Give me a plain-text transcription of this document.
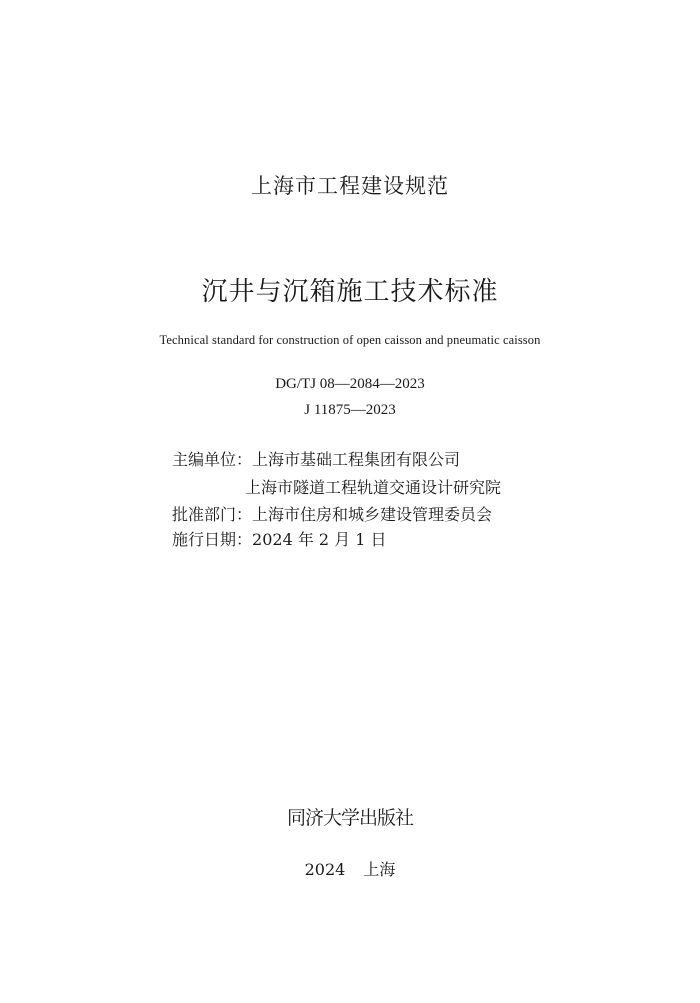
上海市工程建设规范
沉井与沉箱施工技术标准
Technical standard for construction of open caisson and pneumatic caisson
DG/TJ 08—2084—2023
J 11875—2023
主编单位：上海市基础工程集团有限公司
上海市隧道工程轨道交通设计研究院
批准部门：上海市住房和城乡建设管理委员会
施行日期：2024 年 2 月 1 日
同济大学出版社
2024 上海
